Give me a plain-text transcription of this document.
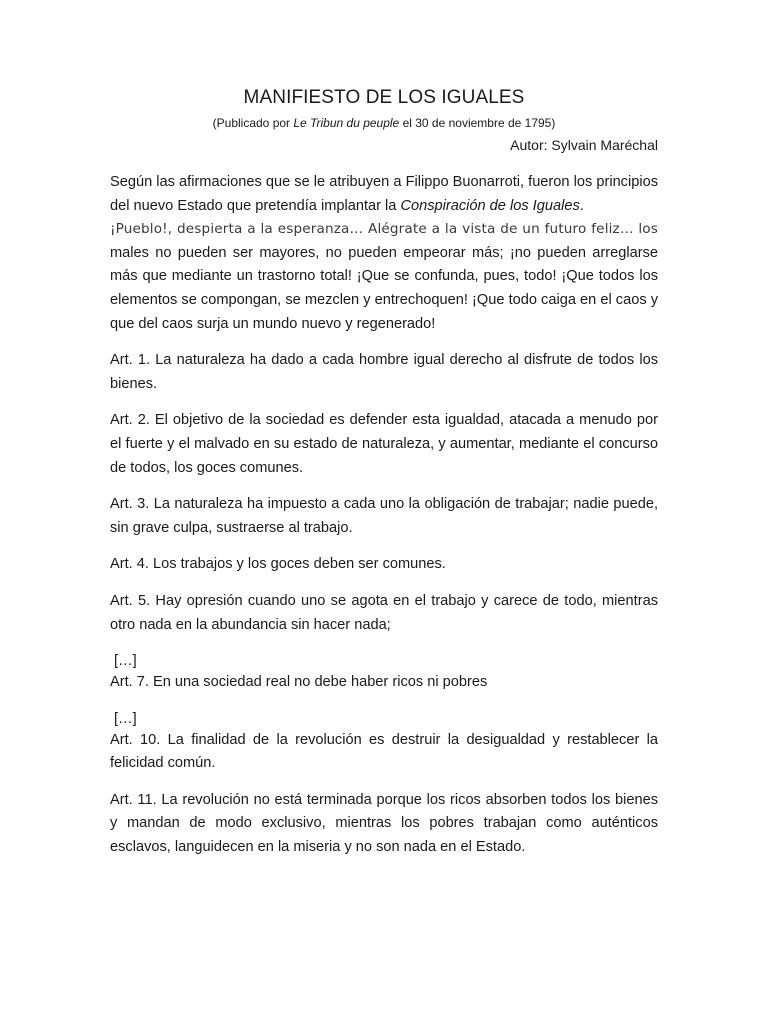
MANIFIESTO DE LOS IGUALES
(Publicado por Le Tribun du peuple el 30 de noviembre de 1795)
Autor: Sylvain Maréchal

Según las afirmaciones que se le atribuyen a Filippo Buonarroti, fueron los principios del nuevo Estado que pretendía implantar la Conspiración de los Iguales.

¡Pueblo!, despierta a la esperanza… Alégrate a la vista de un futuro feliz… los males no pueden ser mayores, no pueden empeorar más; ¡no pueden arreglarse más que mediante un trastorno total! ¡Que se confunda, pues, todo! ¡Que todos los elementos se compongan, se mezclen y entrechoquen! ¡Que todo caiga en el caos y que del caos surja un mundo nuevo y regenerado!

Art. 1. La naturaleza ha dado a cada hombre igual derecho al disfrute de todos los bienes.

Art. 2. El objetivo de la sociedad es defender esta igualdad, atacada a menudo por el fuerte y el malvado en su estado de naturaleza, y aumentar, mediante el concurso de todos, los goces comunes.

Art. 3. La naturaleza ha impuesto a cada uno la obligación de trabajar; nadie puede, sin grave culpa, sustraerse al trabajo.

Art. 4. Los trabajos y los goces deben ser comunes.

Art. 5. Hay opresión cuando uno se agota en el trabajo y carece de todo, mientras otro nada en la abundancia sin hacer nada;

[…]

Art. 7. En una sociedad real no debe haber ricos ni pobres

[…]

Art. 10. La finalidad de la revolución es destruir la desigualdad y restablecer la felicidad común.

Art. 11. La revolución no está terminada porque los ricos absorben todos los bienes y mandan de modo exclusivo, mientras los pobres trabajan como auténticos esclavos, languidecen en la miseria y no son nada en el Estado.
